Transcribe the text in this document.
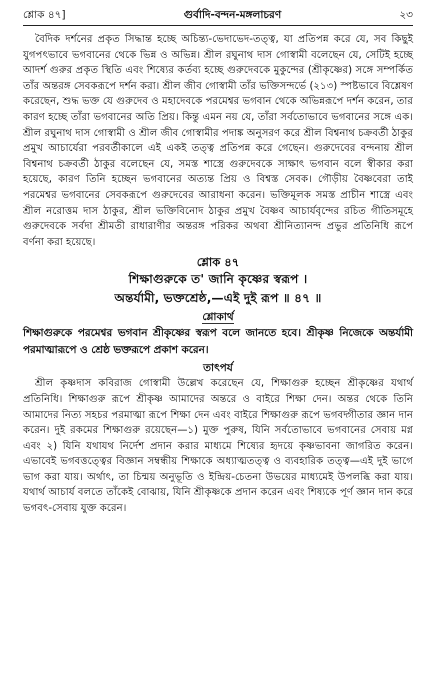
শ্লোক ৪৭]	গুর্বাদি-বন্দন-মঙ্গলাচরণ	২৩

বৈদিক দর্শনের প্রকৃত সিদ্ধান্ত হচ্ছে অচিন্ত্য-ভেদাভেদ-তত্ত্ব, যা প্রতিপন্ন করে যে, সব কিছুই যুগপৎভাবে ভগবানের থেকে ভিন্ন ও অভিন্ন। শ্রীল রঘুনাথ দাস গোস্বামী বলেছেন যে, সেটিই হচ্ছে আদর্শ গুরুর প্রকৃত স্থিতি এবং শিষ্যের কর্তব্য হচ্ছে গুরুদেবকে মুকুন্দের (শ্রীকৃষ্ণের) সঙ্গে সম্পর্কিত তাঁর অন্তরঙ্গ সেবকরূপে দর্শন করা। শ্রীল জীব গোস্বামী তাঁর ভক্তিসন্দর্ভে (২১৩) স্পষ্টভাবে বিশ্লেষণ করেছেন, শুদ্ধ ভক্ত যে গুরুদেব ও মহাদেবকে পরমেশ্বর ভগবান থেকে অভিন্নরূপে দর্শন করেন, তার কারণ হচ্ছে তাঁরা ভগবানের অতি প্রিয়। কিন্তু এমন নয় যে, তাঁরা সর্বতোভাবে ভগবানের সঙ্গে এক। শ্রীল রঘুনাথ দাস গোস্বামী ও শ্রীল জীব গোস্বামীর পদাঙ্ক অনুসরণ করে শ্রীল বিশ্বনাথ চক্রবর্তী ঠাকুর প্রমুখ আচার্যেরা পরবর্তীকালে এই একই তত্ত্ব প্রতিপন্ন করে গেছেন। গুরুদেবের বন্দনায় শ্রীল বিশ্বনাথ চক্রবর্তী ঠাকুর বলেছেন যে, সমস্ত শাস্ত্রে গুরুদেবকে সাক্ষাৎ ভগবান বলে স্বীকার করা হয়েছে, কারণ তিনি হচ্ছেন ভগবানের অত্যন্ত প্রিয় ও বিশ্বস্ত সেবক। গৌড়ীয় বৈষ্ণবেরা তাই পরমেশ্বর ভগবানের সেবকরূপে গুরুদেবের আরাধনা করেন। ভক্তিমূলক সমস্ত প্রাচীন শাস্ত্রে এবং শ্রীল নরোত্তম দাস ঠাকুর, শ্রীল ভক্তিবিনোদ ঠাকুর প্রমুখ বৈষ্ণব আচার্যবৃন্দের রচিত গীতিসমূহে গুরুদেবকে সর্বদা শ্রীমতী রাধারাণীর অন্তরঙ্গ পরিকর অথবা শ্রীনিত্যানন্দ প্রভুর প্রতিনিধি রূপে বর্ণনা করা হয়েছে।

শ্লোক ৪৭
শিক্ষাগুরুকে ত' জানি কৃষ্ণের স্বরূপ ।
অন্তর্যামী, ভক্তশ্রেষ্ঠ,—এই দুই রূপ ॥ ৪৭ ॥
শ্লোকার্থ

শিক্ষাগুরুকে পরমেশ্বর ভগবান শ্রীকৃষ্ণের স্বরূপ বলে জানতে হবে। শ্রীকৃষ্ণ নিজেকে অন্তর্যামী পরমাত্মারূপে ও শ্রেষ্ঠ ভক্তরূপে প্রকাশ করেন।

তাৎপর্য

শ্রীল কৃষ্ণদাস কবিরাজ গোস্বামী উল্লেখ করেছেন যে, শিক্ষাগুরু হচ্ছেন শ্রীকৃষ্ণের যথার্থ প্রতিনিধি। শিক্ষাগুরু রূপে শ্রীকৃষ্ণ আমাদের অন্তরে ও বাইরে শিক্ষা দেন। অন্তর থেকে তিনি আমাদের নিত্য সহচর পরমাত্মা রূপে শিক্ষা দেন এবং বাইরে শিক্ষাগুরু রূপে ভগবদ্গীতার জ্ঞান দান করেন। দুই রকমের শিক্ষাগুরু রয়েছেন—১) মুক্ত পুরুষ, যিনি সর্বতোভাবে ভগবানের সেবায় মগ্ন এবং ২) যিনি যথাযথ নির্দেশ প্রদান করার মাধ্যমে শিষ্যের হৃদয়ে কৃষ্ণভাবনা জাগরিত করেন। এভাবেই ভগবত্তত্ত্বের বিজ্ঞান সম্বন্ধীয় শিক্ষাকে অধ্যাত্মতত্ত্ব ও ব্যবহারিক তত্ত্ব—এই দুই ভাগে ভাগ করা যায়। অর্থাৎ, তা চিন্ময় অনুভূতি ও ইন্দ্রিয়-চেতনা উভয়ের মাধ্যমেই উপলব্ধি করা যায়। যথার্থ আচার্য বলতে তাঁকেই বোঝায়, যিনি শ্রীকৃষ্ণকে প্রদান করেন এবং শিষ্যকে পূর্ণ জ্ঞান দান করে ভগবৎ-সেবায় যুক্ত করেন।
